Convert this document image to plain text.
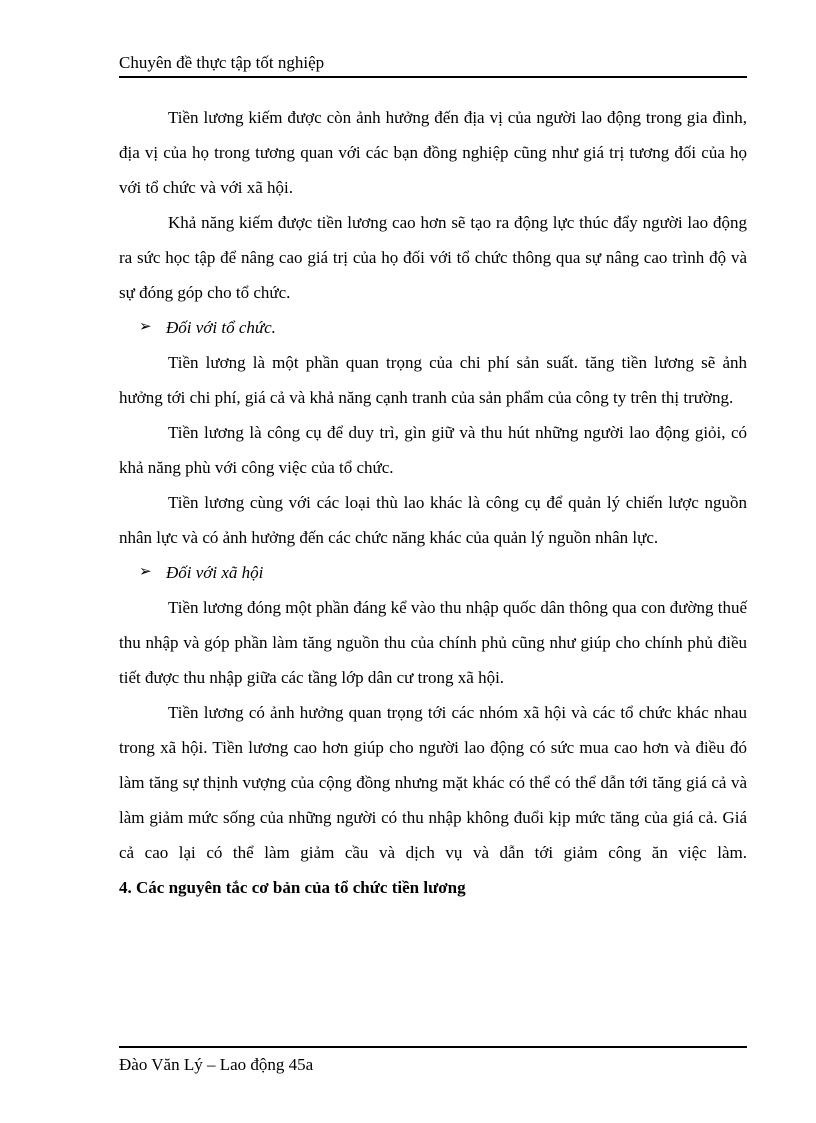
Chuyên đề thực tập tốt nghiệp

Tiền lương kiếm được còn ảnh hưởng đến địa vị của người lao động trong gia đình, địa vị của họ trong tương quan với các bạn đồng nghiệp cũng như giá trị tương đối của họ với tổ chức và với xã hội.

Khả năng kiếm được tiền lương cao hơn sẽ tạo ra động lực thúc đẩy người lao động ra sức học tập để nâng cao giá trị của họ đối với tổ chức thông qua sự nâng cao trình độ và sự đóng góp cho tổ chức.

➢ Đối với tổ chức.

Tiền lương là một phần quan trọng của chi phí sản suất. tăng tiền lương sẽ ảnh hưởng tới chi phí, giá cả và khả năng cạnh tranh của sản phẩm của công ty trên thị trường.

Tiền lương là công cụ để duy trì, gìn giữ và thu hút những người lao động giỏi, có khả năng phù với công việc của tổ chức.

Tiền lương cùng với các loại thù lao khác là công cụ để quản lý chiến lược nguồn nhân lực và có ảnh hưởng đến các chức năng khác của quản lý nguồn nhân lực.

➢ Đối với xã hội

Tiền lương đóng một phần đáng kể vào thu nhập quốc dân thông qua con đường thuế thu nhập và góp phần làm tăng nguồn thu của chính phủ cũng như giúp cho chính phủ điều tiết được thu nhập giữa các tầng lớp dân cư trong xã hội.

Tiền lương có ảnh hưởng quan trọng tới các nhóm xã hội và các tổ chức khác nhau trong xã hội. Tiền lương cao hơn giúp cho người lao động có sức mua cao hơn và điều đó làm tăng sự thịnh vượng của cộng đồng nhưng mặt khác có thể có thể dẫn tới tăng giá cả và làm giảm mức sống của những người có thu nhập không đuổi kịp mức tăng của giá cả. Giá cả cao lại có thể làm giảm cầu và dịch vụ và dẫn tới giảm công ăn việc làm.

4. Các nguyên tắc cơ bản của tổ chức tiền lương

Đào Văn Lý – Lao động 45a
